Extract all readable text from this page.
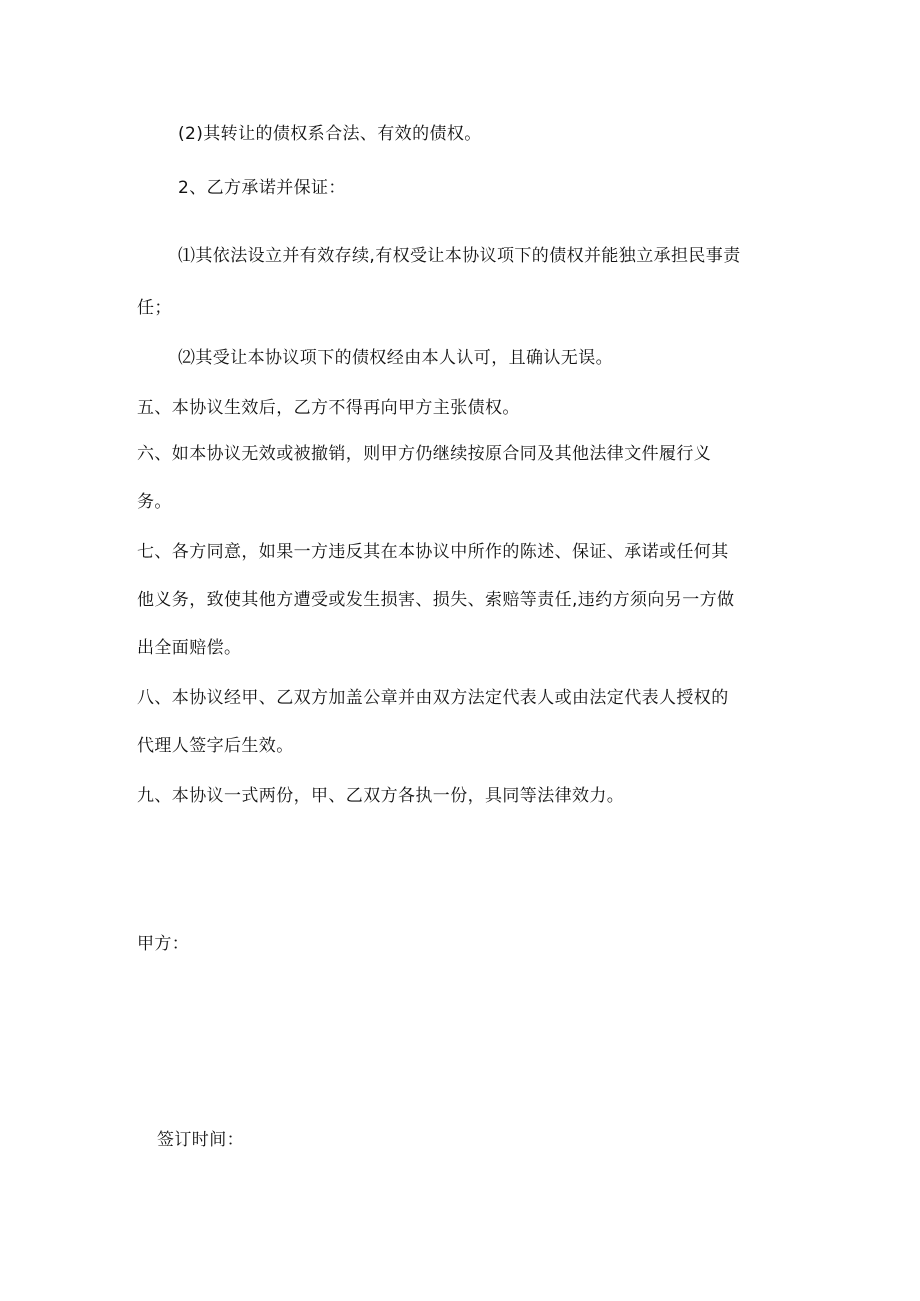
(2)其转让的债权系合法、有效的债权。
2、乙方承诺并保证：
⑴其依法设立并有效存续,有权受让本协议项下的债权并能独立承担民事责
任；
⑵其受让本协议项下的债权经由本人认可，且确认无误。
五、本协议生效后，乙方不得再向甲方主张债权。
六、如本协议无效或被撤销，则甲方仍继续按原合同及其他法律文件履行义
务。
七、各方同意，如果一方违反其在本协议中所作的陈述、保证、承诺或任何其
他义务，致使其他方遭受或发生损害、损失、索赔等责任,违约方须向另一方做
出全面赔偿。
八、本协议经甲、乙双方加盖公章并由双方法定代表人或由法定代表人授权的
代理人签字后生效。
九、本协议一式两份，甲、乙双方各执一份，具同等法律效力。
甲方：
签订时间：
